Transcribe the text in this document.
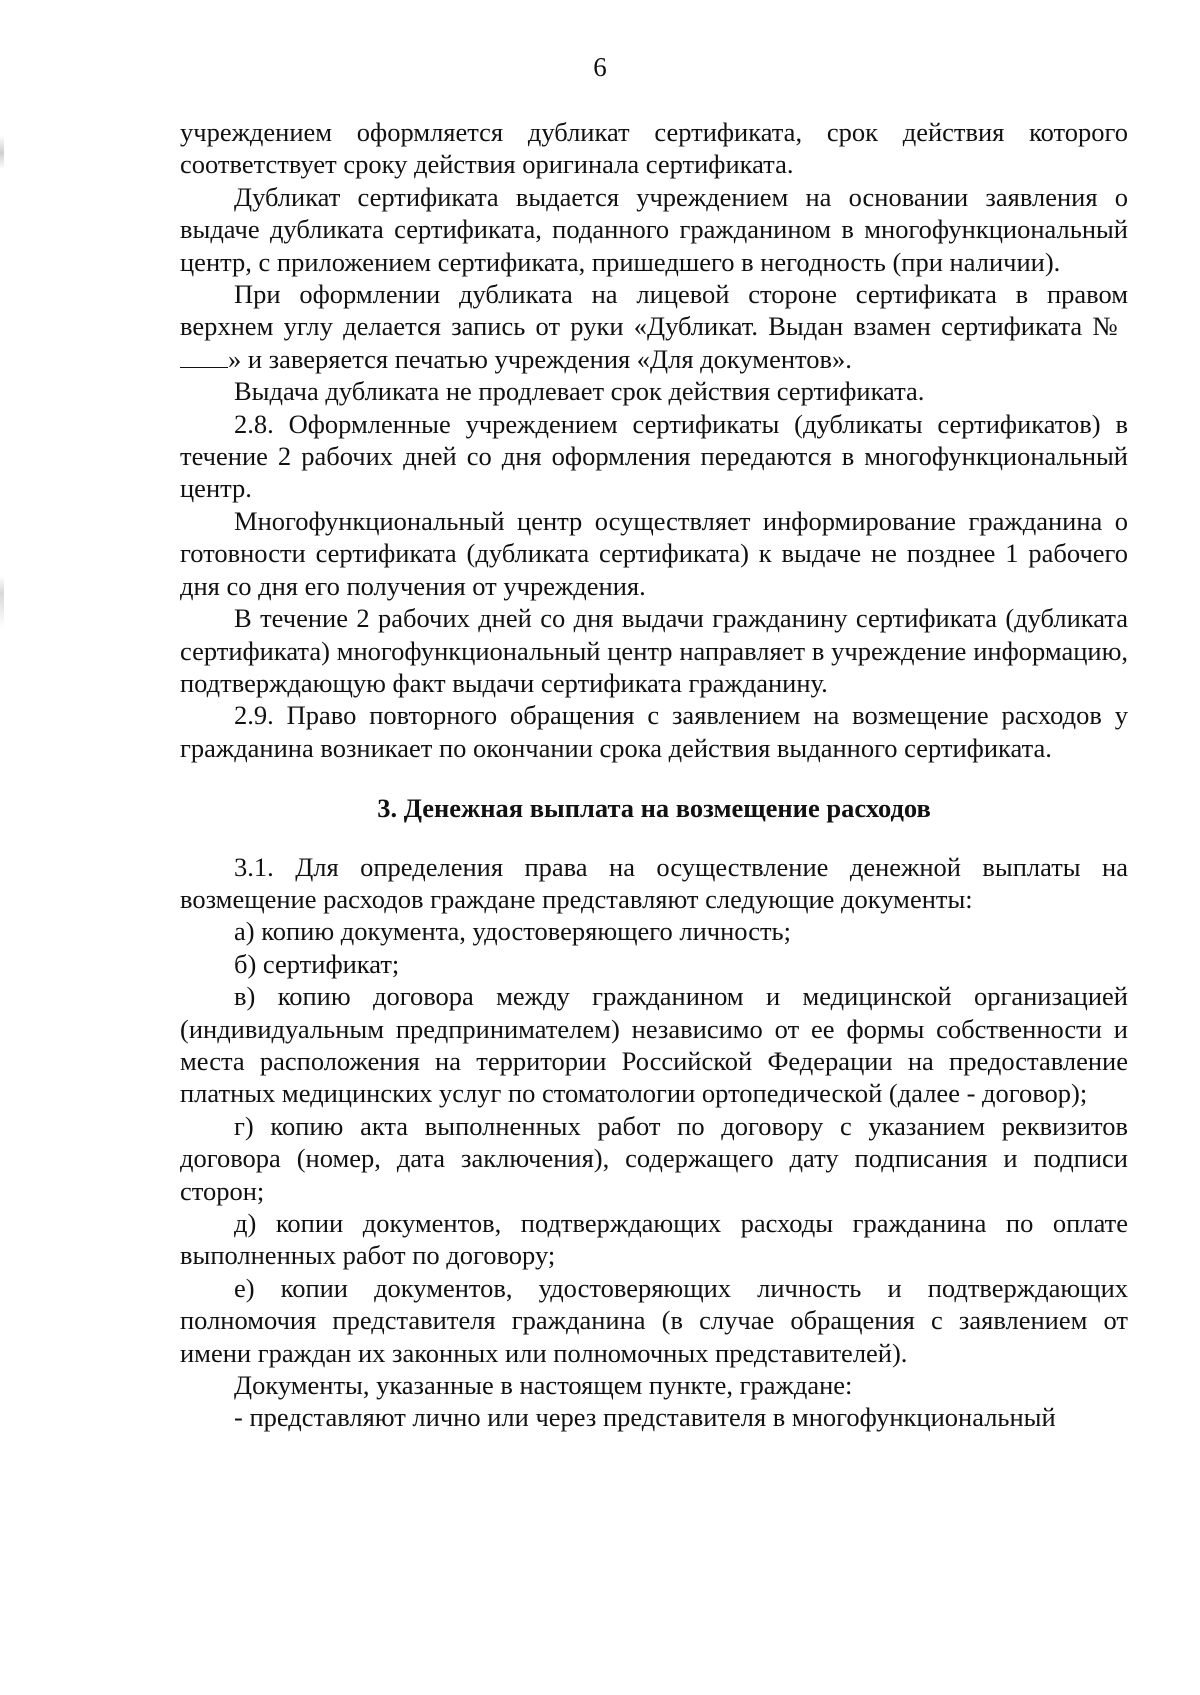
6

учреждением оформляется дубликат сертификата, срок действия которого соответствует сроку действия оригинала сертификата.

Дубликат сертификата выдается учреждением на основании заявления о выдаче дубликата сертификата, поданного гражданином в многофункциональный центр, с приложением сертификата, пришедшего в негодность (при наличии).

При оформлении дубликата на лицевой стороне сертификата в правом верхнем углу делается запись от руки «Дубликат. Выдан взамен сертификата № » и заверяется печатью учреждения «Для документов».

Выдача дубликата не продлевает срок действия сертификата.

2.8. Оформленные учреждением сертификаты (дубликаты сертификатов) в течение 2 рабочих дней со дня оформления передаются в многофункциональный центр.

Многофункциональный центр осуществляет информирование гражданина о готовности сертификата (дубликата сертификата) к выдаче не позднее 1 рабочего дня со дня его получения от учреждения.

В течение 2 рабочих дней со дня выдачи гражданину сертификата (дубликата сертификата) многофункциональный центр направляет в учреждение информацию, подтверждающую факт выдачи сертификата гражданину.

2.9. Право повторного обращения с заявлением на возмещение расходов у гражданина возникает по окончании срока действия выданного сертификата.

3. Денежная выплата на возмещение расходов

3.1. Для определения права на осуществление денежной выплаты на возмещение расходов граждане представляют следующие документы:

а) копию документа, удостоверяющего личность;

б) сертификат;

в) копию договора между гражданином и медицинской организацией (индивидуальным предпринимателем) независимо от ее формы собственности и места расположения на территории Российской Федерации на предоставление платных медицинских услуг по стоматологии ортопедической (далее - договор);

г) копию акта выполненных работ по договору с указанием реквизитов договора (номер, дата заключения), содержащего дату подписания и подписи сторон;

д) копии документов, подтверждающих расходы гражданина по оплате выполненных работ по договору;

е) копии документов, удостоверяющих личность и подтверждающих полномочия представителя гражданина (в случае обращения с заявлением от имени граждан их законных или полномочных представителей).

Документы, указанные в настоящем пункте, граждане:

- представляют лично или через представителя в многофункциональный
